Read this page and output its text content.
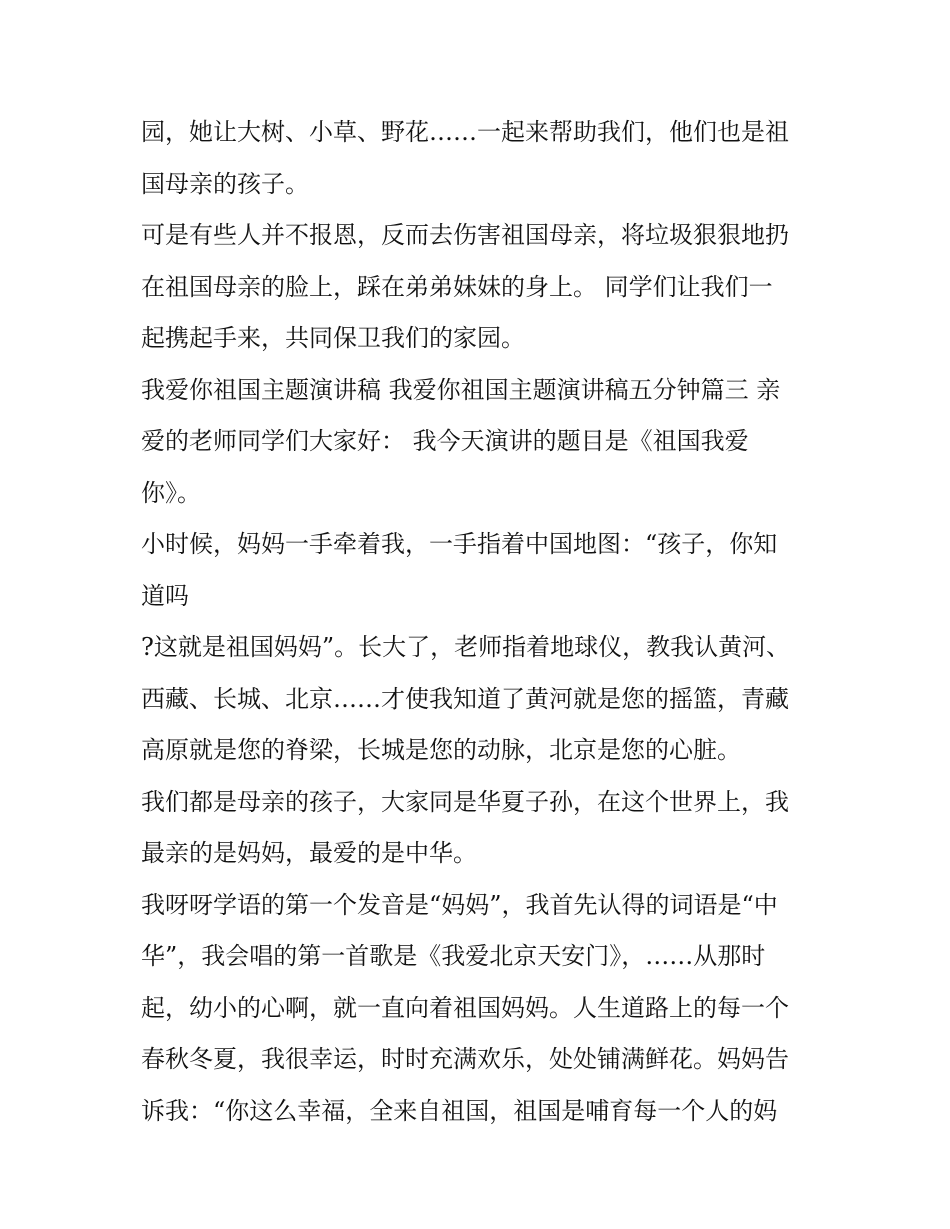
园，她让大树、小草、野花……一起来帮助我们，他们也是祖
国母亲的孩子。
可是有些人并不报恩，反而去伤害祖国母亲，将垃圾狠狠地扔
在祖国母亲的脸上，踩在弟弟妹妹的身上。 同学们让我们一
起携起手来，共同保卫我们的家园。
我爱你祖国主题演讲稿 我爱你祖国主题演讲稿五分钟篇三 亲
爱的老师同学们大家好： 我今天演讲的题目是《祖国我爱
你》。
小时候，妈妈一手牵着我，一手指着中国地图：“孩子，你知
道吗
?这就是祖国妈妈”。长大了，老师指着地球仪，教我认黄河、
西藏、长城、北京……才使我知道了黄河就是您的摇篮，青藏
高原就是您的脊梁，长城是您的动脉，北京是您的心脏。
我们都是母亲的孩子，大家同是华夏子孙，在这个世界上，我
最亲的是妈妈，最爱的是中华。
我呀呀学语的第一个发音是“妈妈”，我首先认得的词语是“中
华”，我会唱的第一首歌是《我爱北京天安门》，……从那时
起，幼小的心啊，就一直向着祖国妈妈。人生道路上的每一个
春秋冬夏，我很幸运，时时充满欢乐，处处铺满鲜花。妈妈告
诉我：“你这么幸福，全来自祖国，祖国是哺育每一个人的妈
